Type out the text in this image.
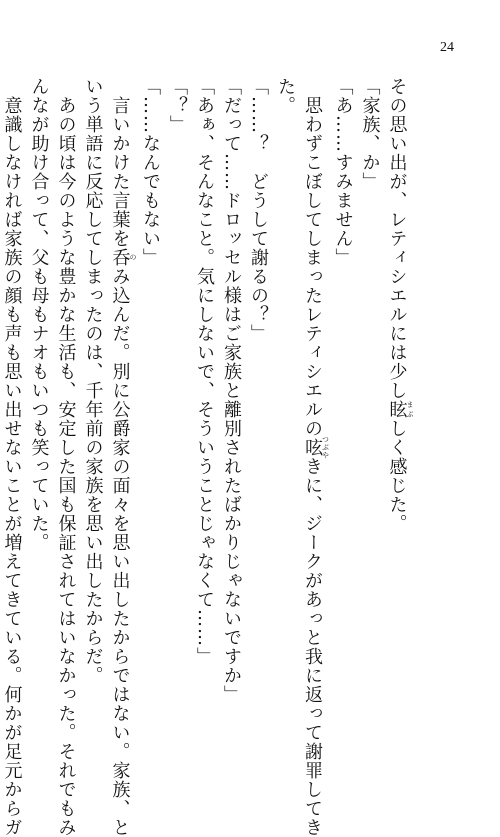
24
その思い出が、レティシエルには少し眩まぶしく感じた。
「家族、か」
「あ……すみません」
　思わずこぼしてしまったレティシエルの呟つぶやきに、ジークがあっと我に返って謝罪してき
た。
「……？　どうして謝るの？」
「だって……ドロッセル様はご家族と離別されたばかりじゃないですか」
「あぁ、そんなこと。気にしないで、そういうことじゃなくて……」
「？」
「……なんでもない」
　言いかけた言葉を呑のみ込んだ。別に公爵家の面々を思い出したからではない。家族、と
いう単語に反応してしまったのは、千年前の家族を思い出したからだ。
　あの頃は今のような豊かな生活も、安定した国も保証されてはいなかった。それでもみ
んなが助け合って、父も母もナオもいつも笑っていた。
　意識しなければ家族の顔も声も思い出せないことが増えてきている。何かが足元からガ
